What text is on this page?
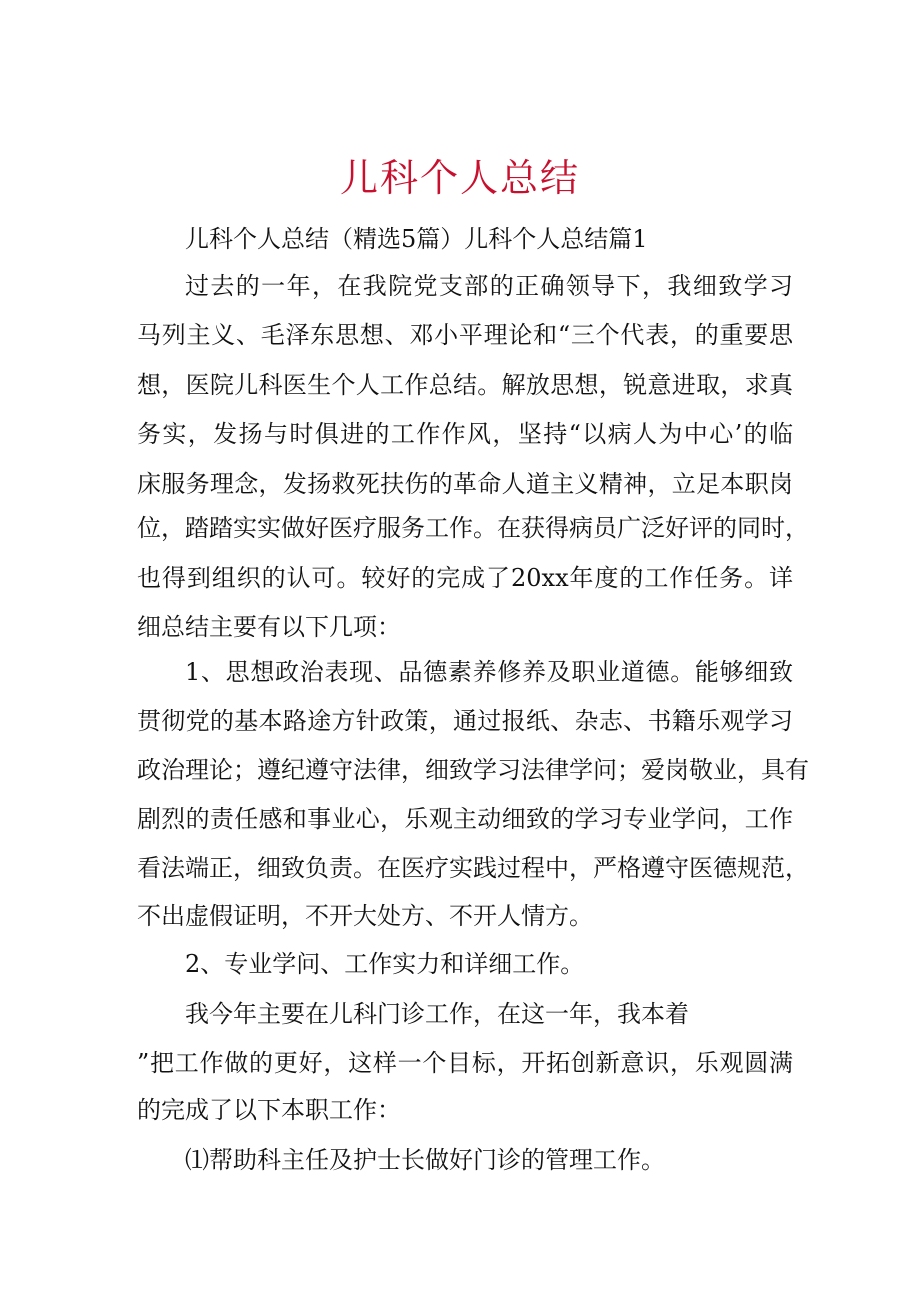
儿科个人总结
儿科个人总结（精选5篇）儿科个人总结篇1
过去的一年，在我院党支部的正确领导下，我细致学习
马列主义、毛泽东思想、邓小平理论和“三个代表，的重要思
想，医院儿科医生个人工作总结。解放思想，锐意进取，求真
务实，发扬与时俱进的工作作风，坚持“以病人为中心’的临
床服务理念，发扬救死扶伤的革命人道主义精神，立足本职岗
位，踏踏实实做好医疗服务工作。在获得病员广泛好评的同时，
也得到组织的认可。较好的完成了20xx年度的工作任务。详
细总结主要有以下几项：
1、思想政治表现、品德素养修养及职业道德。能够细致
贯彻党的基本路途方针政策，通过报纸、杂志、书籍乐观学习
政治理论；遵纪遵守法律，细致学习法律学问；爱岗敬业，具有
剧烈的责任感和事业心，乐观主动细致的学习专业学问，工作
看法端正，细致负责。在医疗实践过程中，严格遵守医德规范，
不出虚假证明，不开大处方、不开人情方。
2、专业学问、工作实力和详细工作。
我今年主要在儿科门诊工作，在这一年，我本着
”把工作做的更好，这样一个目标，开拓创新意识，乐观圆满
的完成了以下本职工作：
⑴帮助科主任及护士长做好门诊的管理工作。
